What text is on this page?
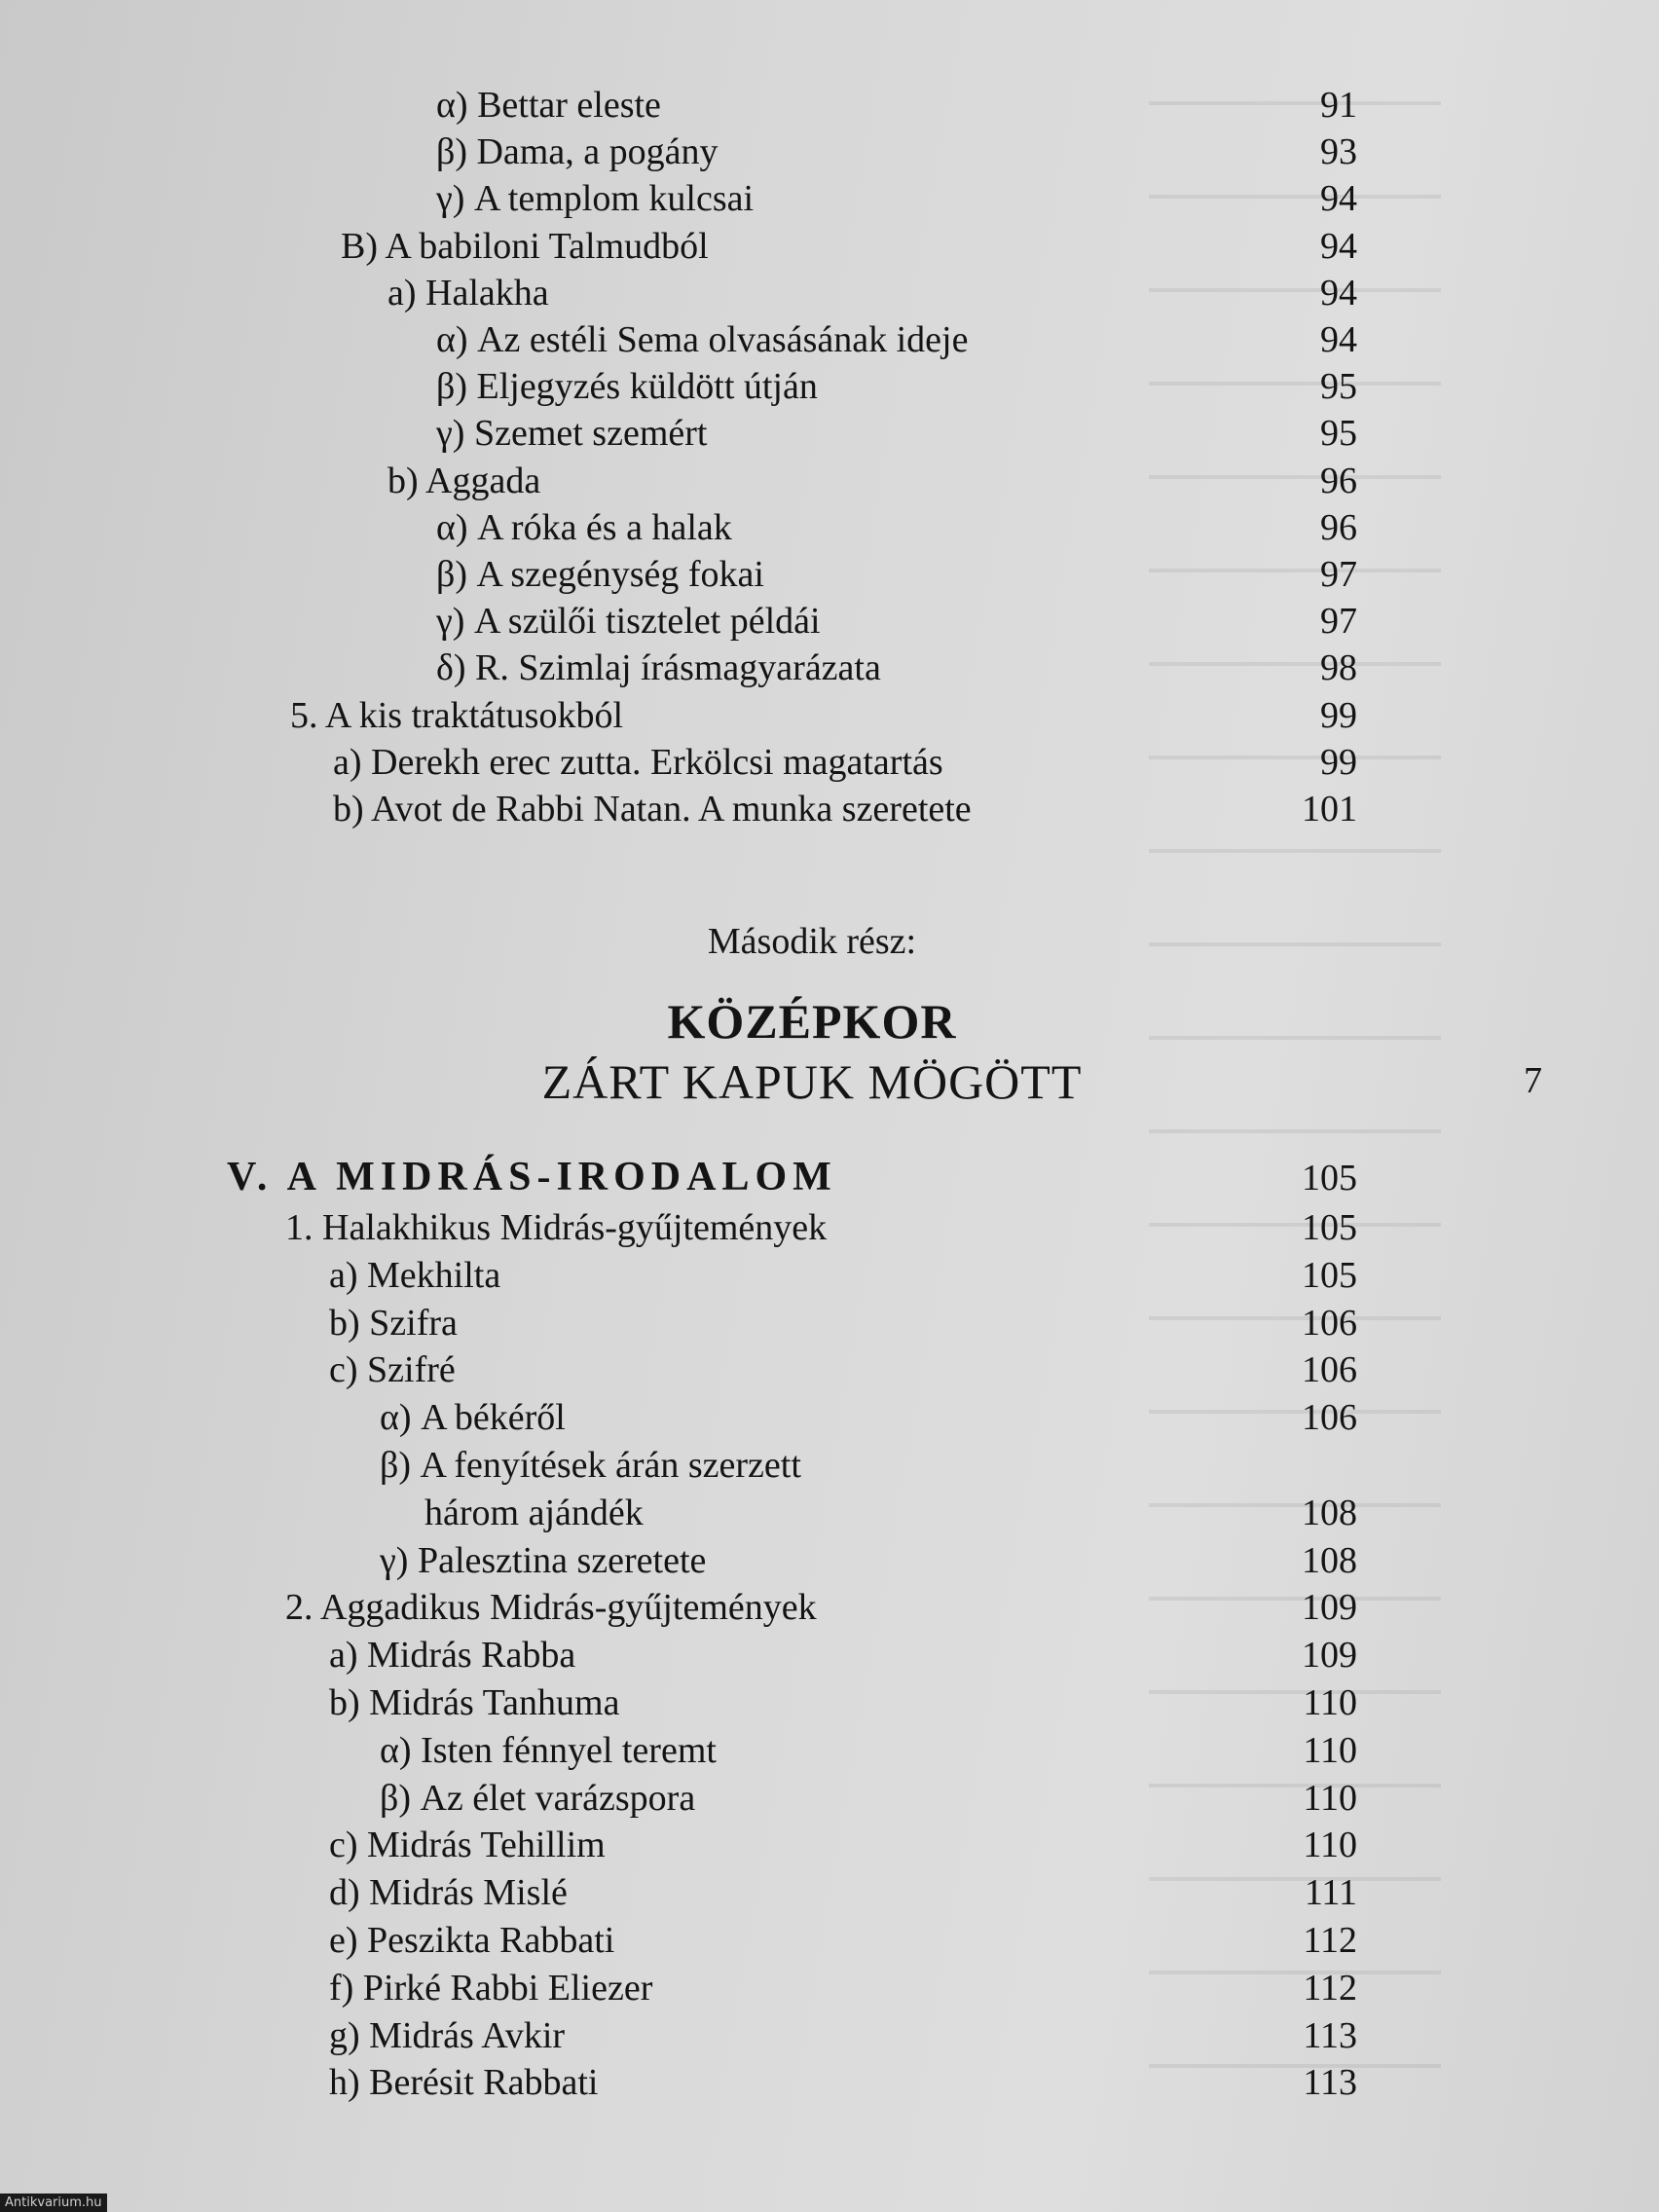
α) Bettar eleste	91
β) Dama, a pogány	93
γ) A templom kulcsai	94
B) A babiloni Talmudból	94
a) Halakha	94
α) Az estéli Sema olvasásának ideje	94
β) Eljegyzés küldött útján	95
γ) Szemet szemért	95
b) Aggada	96
α) A róka és a halak	96
β) A szegénység fokai	97
γ) A szülői tisztelet példái	97
δ) R. Szimlaj írásmagyarázata	98
5. A kis traktátusokból	99
a) Derekh erec zutta. Erkölcsi magatartás	99
b) Avot de Rabbi Natan. A munka szeretete	101
Második rész:
KÖZÉPKOR
ZÁRT KAPUK MÖGÖTT	7
V. A MIDRÁS-IRODALOM	105
1. Halakhikus Midrás-gyűjtemények	105
a) Mekhilta	105
b) Szifra	106
c) Szifré	106
α) A békéről	106
β) A fenyítések árán szerzett
három ajándék	108
γ) Palesztina szeretete	108
2. Aggadikus Midrás-gyűjtemények	109
a) Midrás Rabba	109
b) Midrás Tanhuma	110
α) Isten fénnyel teremt	110
β) Az élet varázspora	110
c) Midrás Tehillim	110
d) Midrás Mislé	111
e) Peszikta Rabbati	112
f) Pirké Rabbi Eliezer	112
g) Midrás Avkir	113
h) Berésit Rabbati	113
Antikvarium.hu
